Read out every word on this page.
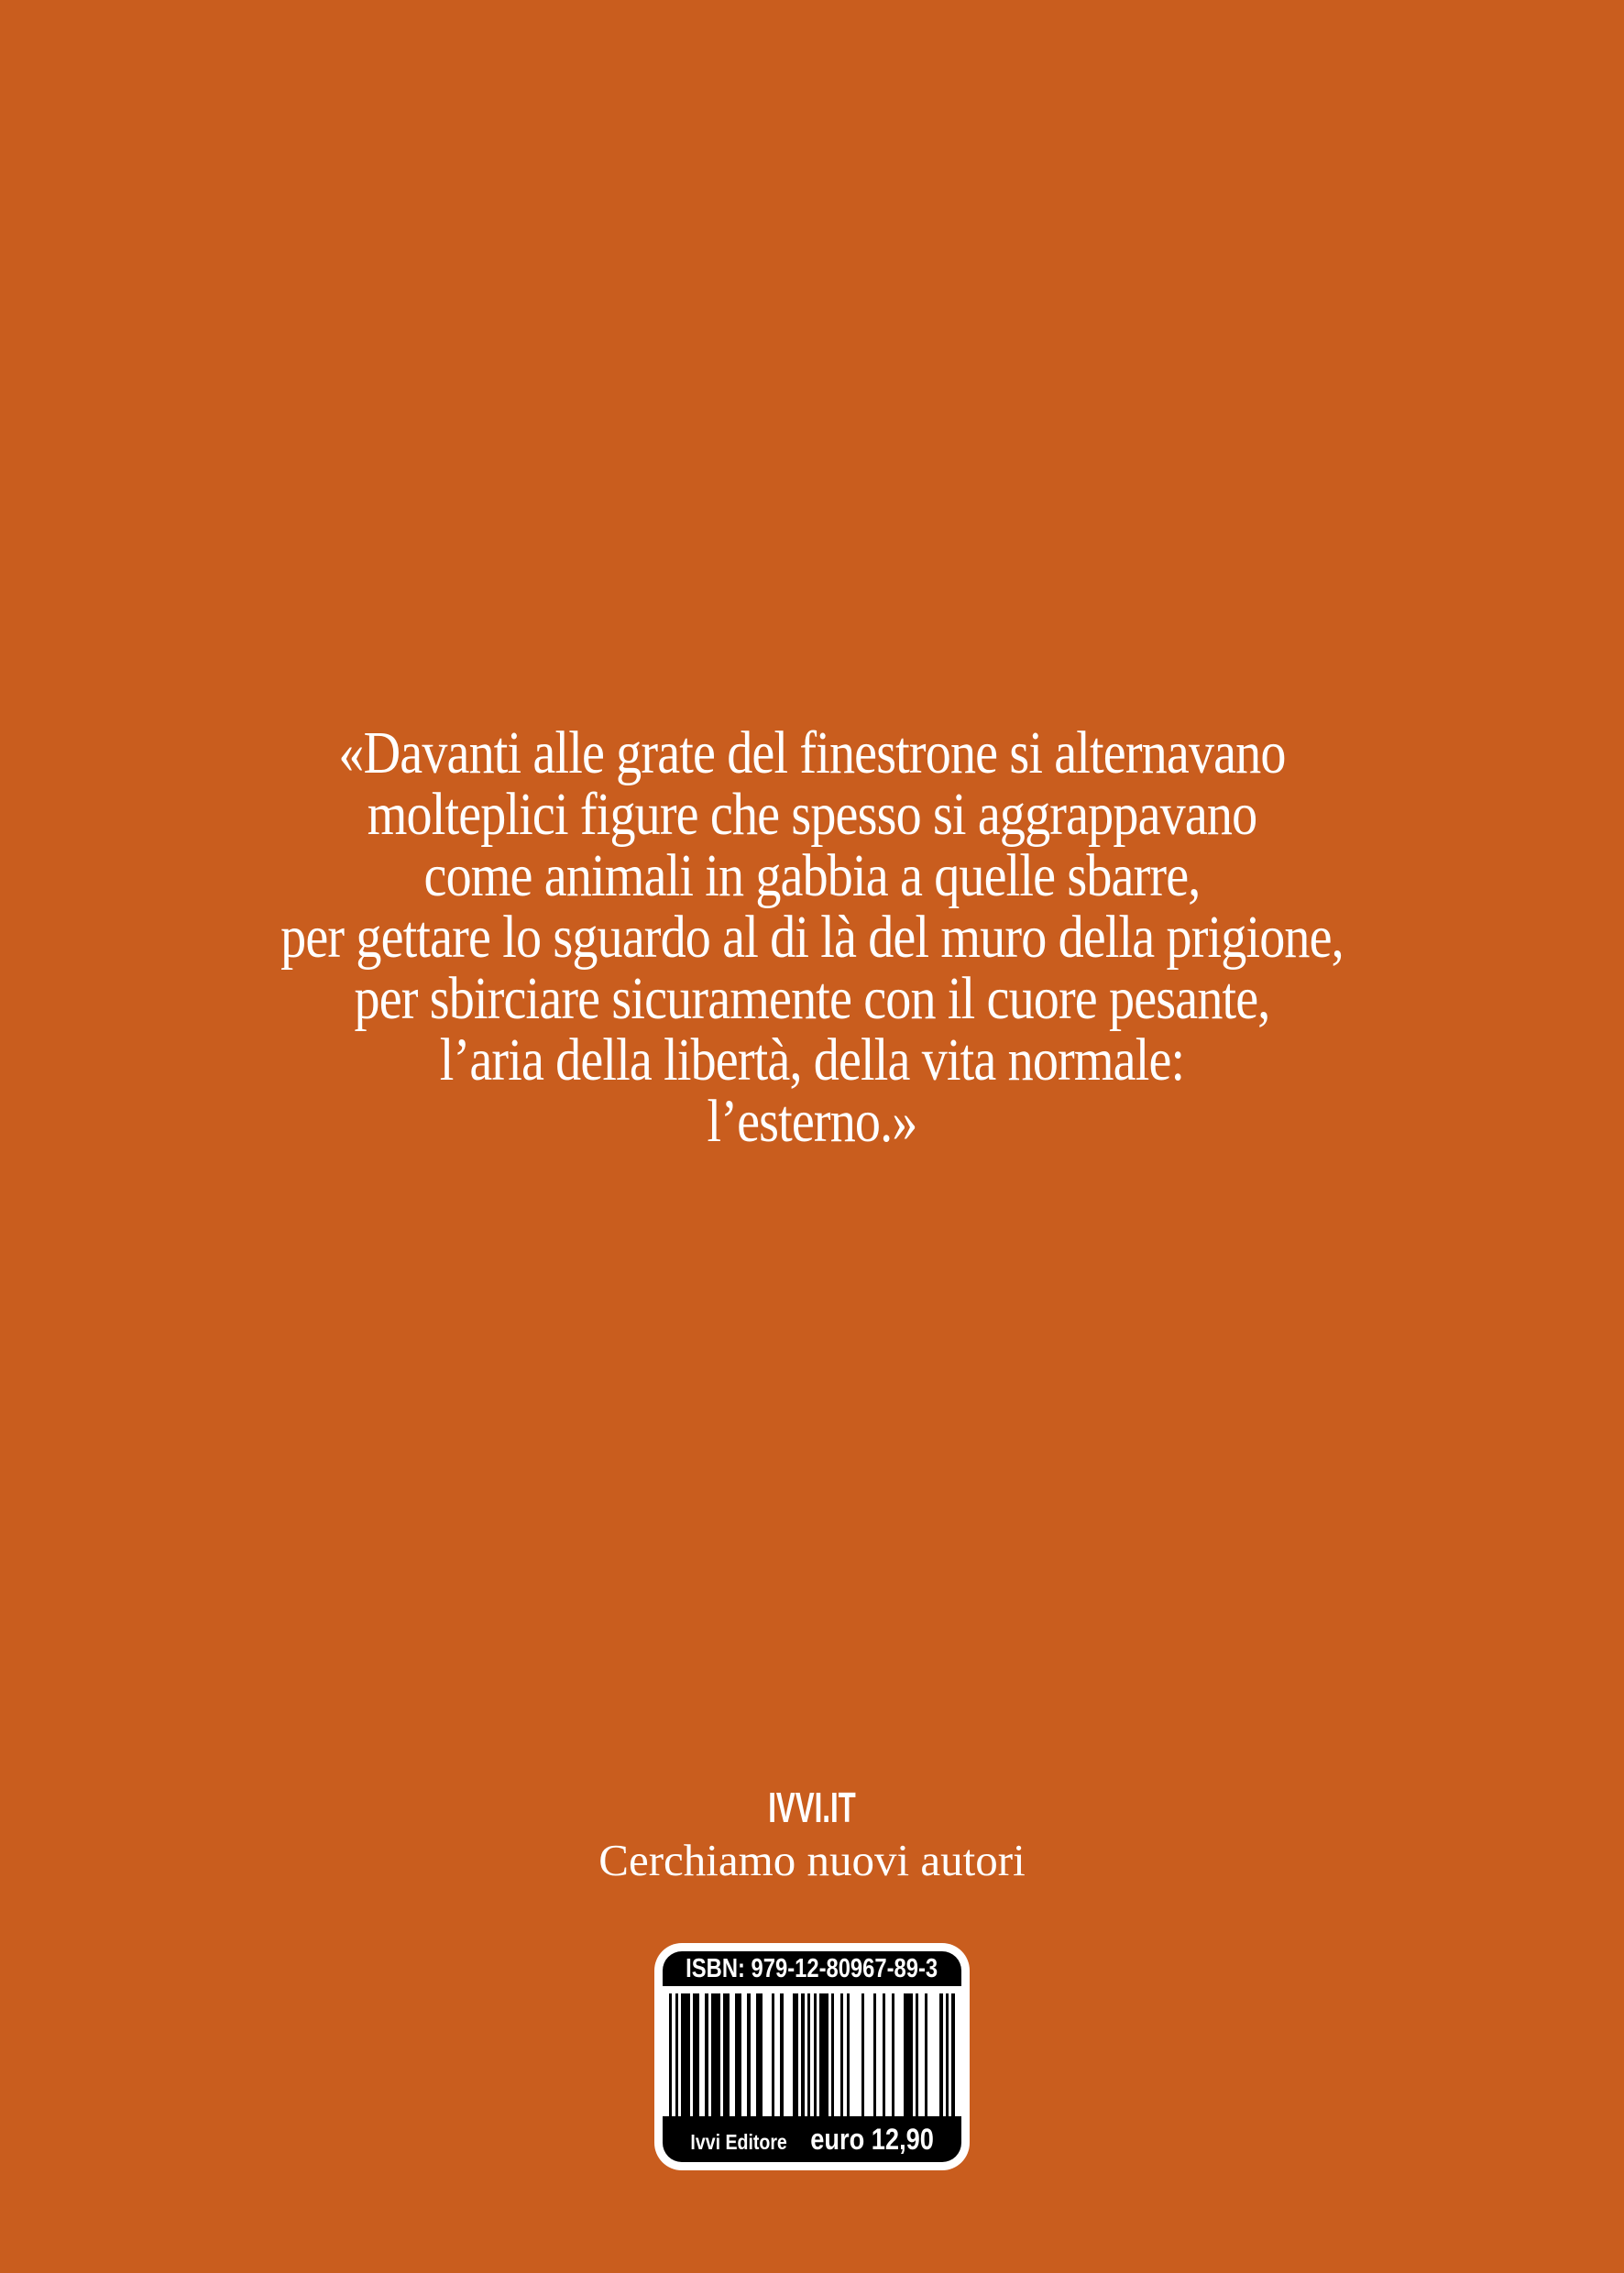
«Davanti alle grate del finestrone si alternavano
molteplici figure che spesso si aggrappavano
come animali in gabbia a quelle sbarre,
per gettare lo sguardo al di là del muro della prigione,
per sbirciare sicuramente con il cuore pesante,
l’aria della libertà, della vita normale:
l’esterno.»
IVVI.IT
Cerchiamo nuovi autori
ISBN: 979-12-80967-89-3
Ivvi Editore euro 12,90
